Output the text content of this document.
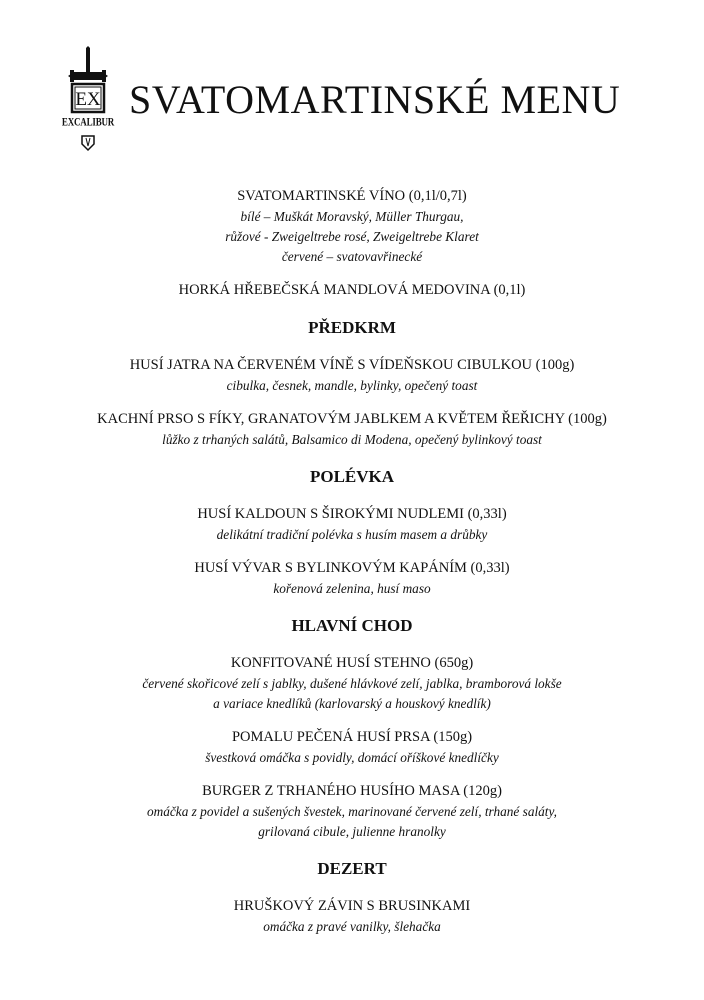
EX
EXCALIBUR SVATOMARTINSKÉ MENU
SVATOMARTINSKÉ VÍNO (0,1l/0,7l)
bílé – Muškát Moravský, Müller Thurgau,
růžové - Zweigeltrebe rosé, Zweigeltrebe Klaret
červené – svatovavřinecké
HORKÁ HŘEBEČSKÁ MANDLOVÁ MEDOVINA (0,1l)
PŘEDKRM
HUSÍ JATRA NA ČERVENÉM VÍNĚ S VÍDEŇSKOU CIBULKOU (100g)
cibulka, česnek, mandle, bylinky, opečený toast
KACHNÍ PRSO S FÍKY, GRANATOVÝM JABLKEM A KVĚTEM ŘEŘICHY (100g)
lůžko z trhaných salátů, Balsamico di Modena, opečený bylinkový toast
POLÉVKA
HUSÍ KALDOUN S ŠIROKÝMI NUDLEMI (0,33l)
delikátní tradiční polévka s husím masem a drůbky
HUSÍ VÝVAR S BYLINKOVÝM KAPÁNÍM (0,33l)
kořenová zelenina, husí maso
HLAVNÍ CHOD
KONFITOVANÉ HUSÍ STEHNO (650g)
červené skořicové zelí s jablky, dušené hlávkové zelí, jablka, bramborová lokše
a variace knedlíků (karlovarský a houskový knedlík)
POMALU PEČENÁ HUSÍ PRSA (150g)
švestková omáčka s povidly, domácí oříškové knedlíčky
BURGER Z TRHANÉHO HUSÍHO MASA (120g)
omáčka z povidel a sušených švestek, marinované červené zelí, trhané saláty,
grilovaná cibule, julienne hranolky
DEZERT
HRUŠKOVÝ ZÁVIN S BRUSINKAMI
omáčka z pravé vanilky, šlehačka
